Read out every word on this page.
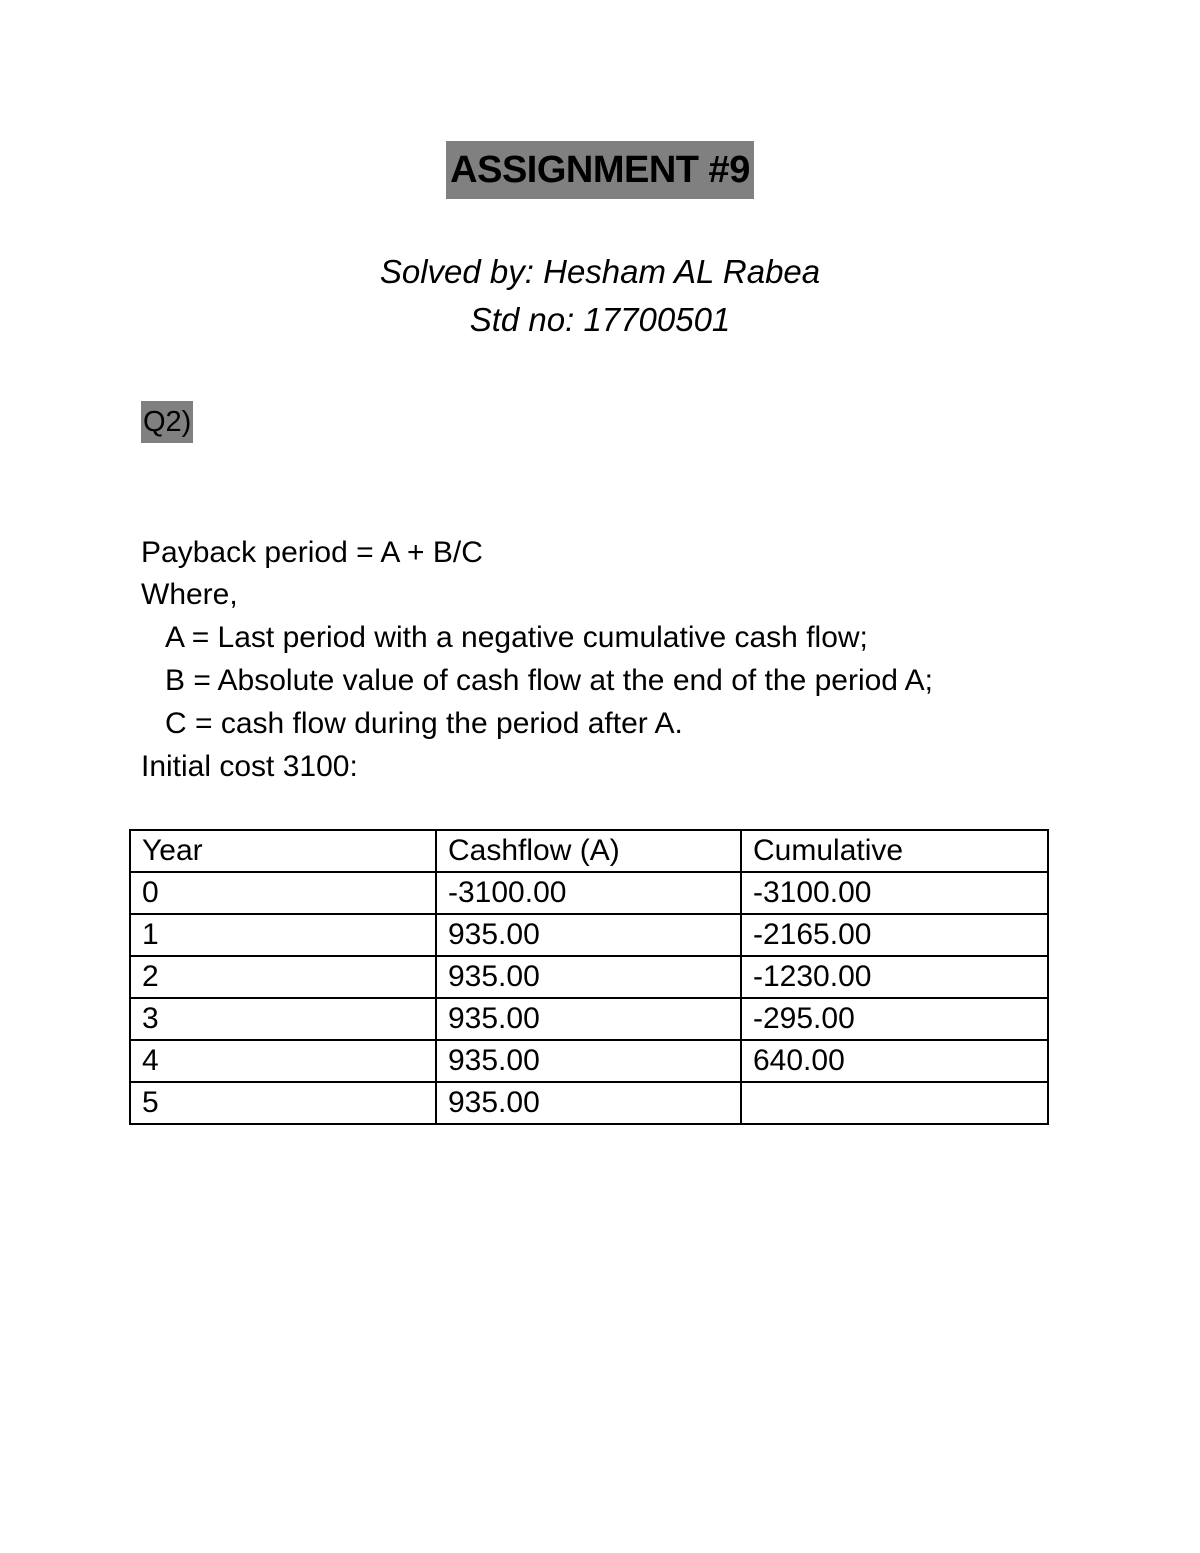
ASSIGNMENT #9
Solved by: Hesham AL Rabea
Std no: 17700501
Q2)
Payback period = A + B/C
Where,
A = Last period with a negative cumulative cash flow;
B = Absolute value of cash flow at the end of the period A;
C = cash flow during the period after A.
Initial cost 3100:
Year	Cashflow (A)	Cumulative
0	-3100.00	-3100.00
1	935.00	-2165.00
2	935.00	-1230.00
3	935.00	-295.00
4	935.00	640.00
5	935.00	
